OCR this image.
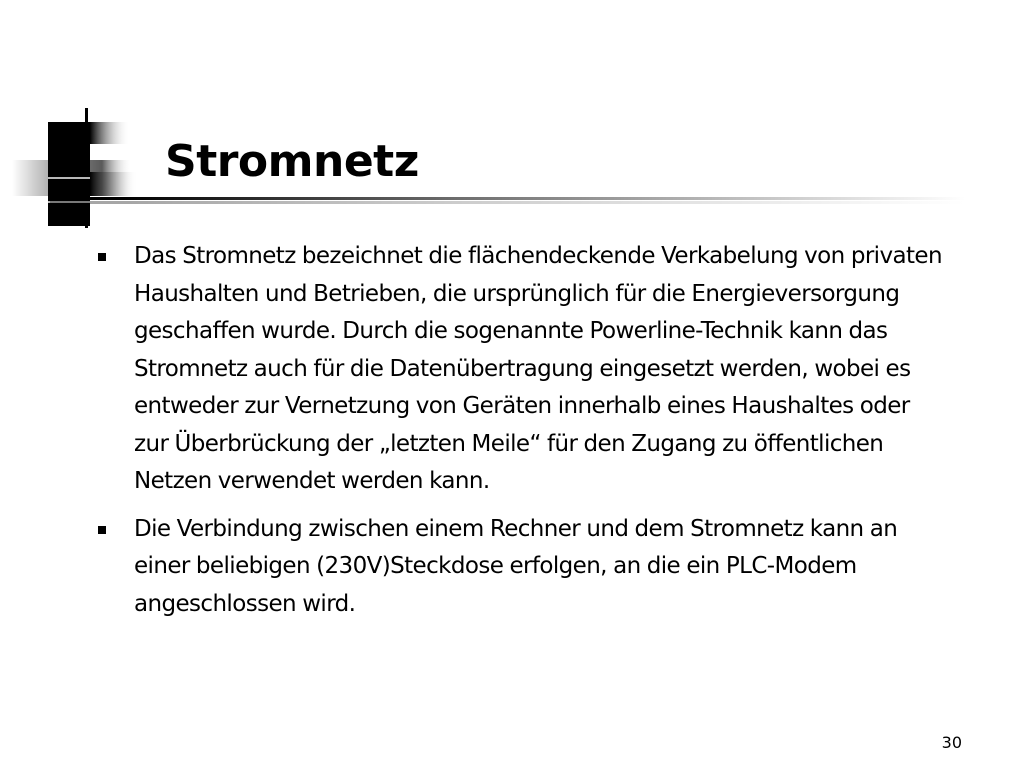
Stromnetz
Das Stromnetz bezeichnet die flächendeckende Verkabelung von privaten Haushalten und Betrieben, die ursprünglich für die Energieversorgung geschaffen wurde. Durch die sogenannte Powerline-Technik kann das Stromnetz auch für die Datenübertragung eingesetzt werden, wobei es entweder zur Vernetzung von Geräten innerhalb eines Haushaltes oder zur Überbrückung der „letzten Meile“ für den Zugang zu öffentlichen Netzen verwendet werden kann.
Die Verbindung zwischen einem Rechner und dem Stromnetz kann an einer beliebigen (230V)Steckdose erfolgen, an die ein PLC-Modem angeschlossen wird.
30
